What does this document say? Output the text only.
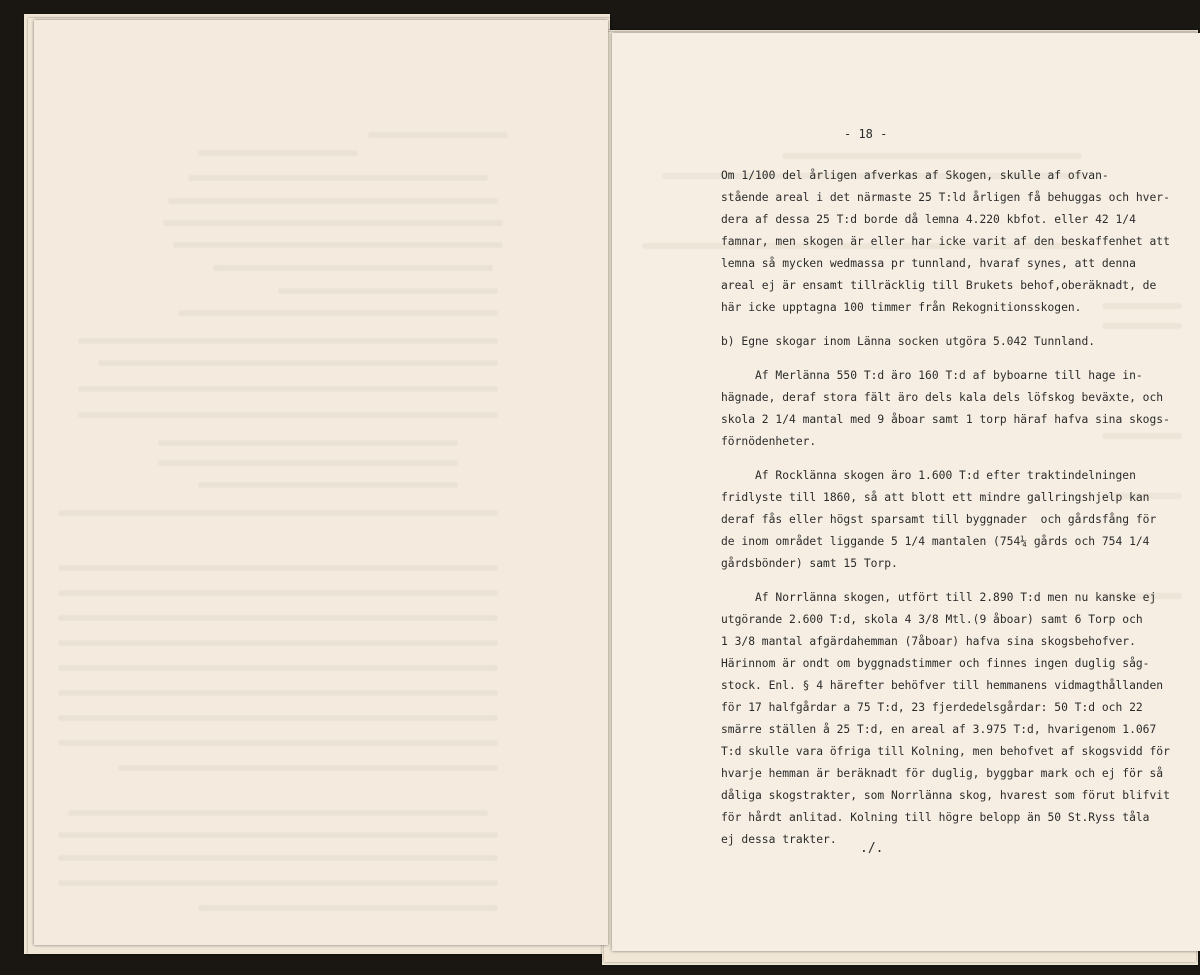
- 18 -
Om 1/100 del årligen afverkas af Skogen, skulle af ofvan-
stående areal i det närmaste 25 T:ld årligen få behuggas och hver-
dera af dessa 25 T:d borde då lemna 4.220 kbfot. eller 42 1/4
famnar, men skogen är eller har icke varit af den beskaffenhet att
lemna så mycken wedmassa pr tunnland, hvaraf synes, att denna
areal ej är ensamt tillräcklig till Brukets behof,oberäknadt, de
här icke upptagna 100 timmer från Rekognitionsskogen.
b) Egne skogar inom Länna socken utgöra 5.042 Tunnland.
Af Merlänna 550 T:d äro 160 T:d af byboarne till hage in-
hägnade, deraf stora fält äro dels kala dels löfskog beväxte, och
skola 2 1/4 mantal med 9 åboar samt 1 torp häraf hafva sina skogs-
förnödenheter.
Af Rocklänna skogen äro 1.600 T:d efter traktindelningen
fridlyste till 1860, så att blott ett mindre gallringshjelp kan
deraf fås eller högst sparsamt till byggnader  och gårdsfång för
de inom området liggande 5 1/4 mantalen (754¼ gårds och 754 1/4
gårdsbönder) samt 15 Torp.
Af Norrlänna skogen, utfört till 2.890 T:d men nu kanske ej
utgörande 2.600 T:d, skola 4 3/8 Mtl.(9 åboar) samt 6 Torp och
1 3/8 mantal afgärdahemman (7åboar) hafva sina skogsbehofver.
Härinnom är ondt om byggnadstimmer och finnes ingen duglig såg-
stock. Enl. § 4 härefter behöfver till hemmanens vidmagthållanden
för 17 halfgårdar a 75 T:d, 23 fjerdedelsgårdar: 50 T:d och 22
smärre ställen å 25 T:d, en areal af 3.975 T:d, hvarigenom 1.067
T:d skulle vara öfriga till Kolning, men behofvet af skogsvidd för
hvarje hemman är beräknadt för duglig, byggbar mark och ej för så
dåliga skogstrakter, som Norrlänna skog, hvarest som förut blifvit
för hårdt anlitad. Kolning till högre belopp än 50 St.Ryss tåla
ej dessa trakter.
./.
